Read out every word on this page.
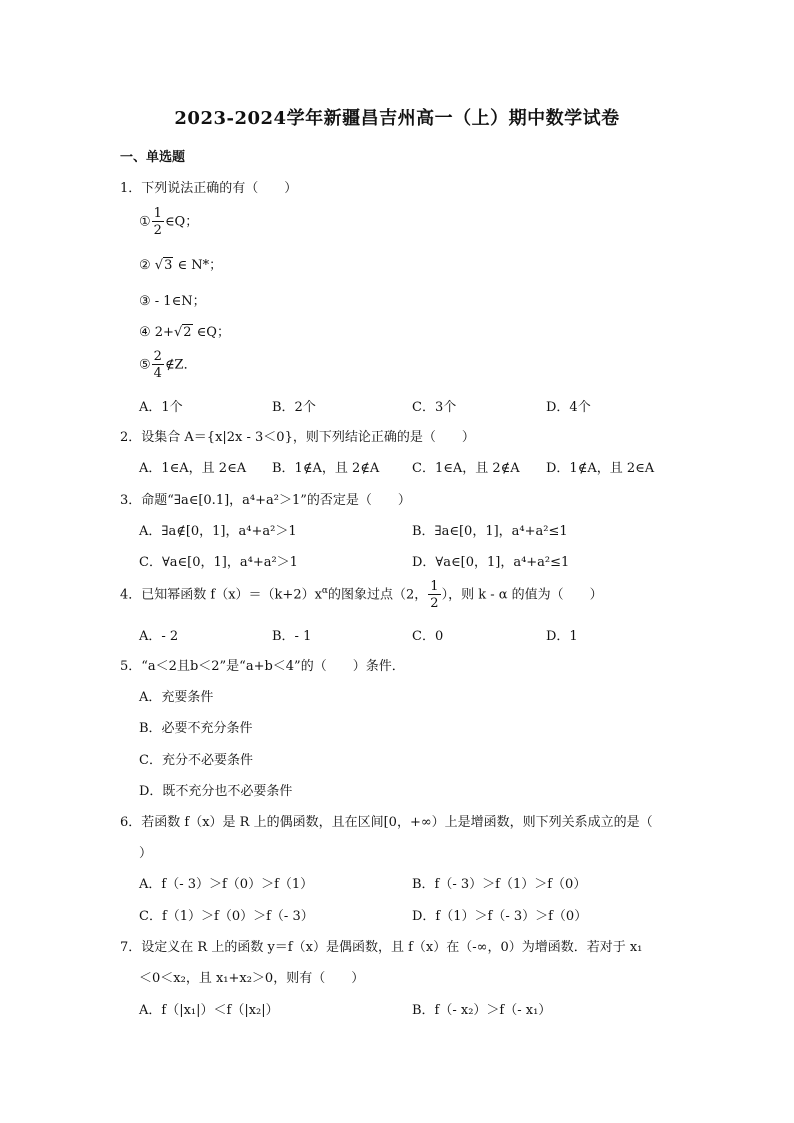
2023-2024学年新疆昌吉州高一（上）期中数学试卷
一、单选题
1．下列说法正确的有（　　）
① $\frac{1}{2}$ ∈Q；
② √3 ∈ N*；
③ - 1∈N；
④ 2+√2 ∈Q；
⑤ $\frac{2}{4}$ ∉Z．
A．1个	B．2个	C．3个	D．4个
2．设集合 A＝{x|2x - 3＜0}，则下列结论正确的是（　　）
A．1∈A，且 2∈A B．1∉A，且 2∉A	C．1∈A，且 2∉A D．1∉A，且 2∈A
3．命题“∃a∈[0.1]，a⁴+a²＞1”的否定是（　　）
A．∃a∉[0，1]，a⁴+a²＞1	B．∃a∈[0，1]，a⁴+a²≤1
C．∀a∈[0，1]，a⁴+a²＞1	D．∀a∈[0，1]，a⁴+a²≤1
4．已知幂函数 $f(x)=(k+2)x^\alpha$的图象过点（2， $\frac{1}{2}$ ），则 k - α 的值为（　　）
A．- 2	B．- 1	C．0	D．1
5．“a＜2且b＜2”是“a+b＜4”的（　　）条件．
A．充要条件
B．必要不充分条件
C．充分不必要条件
D．既不充分也不必要条件
6．若函数 f（x）是 R 上的偶函数，且在区间[0，+∞）上是增函数，则下列关系成立的是（
）
A．f（- 3）＞f（0）＞f（1）	B．f（- 3）＞f（1）＞f（0）
C．f（1）＞f（0）＞f（- 3）	D．f（1）＞f（- 3）＞f（0）
7．设定义在 R 上的函数 y＝f（x）是偶函数，且 f（x）在（-∞，0）为增函数．若对于 x₁
＜0＜x₂，且 x₁+x₂＞0，则有（　　）
A．f（|x₁|）＜f（|x₂|）	B．f（- x₂）＞f（- x₁）
